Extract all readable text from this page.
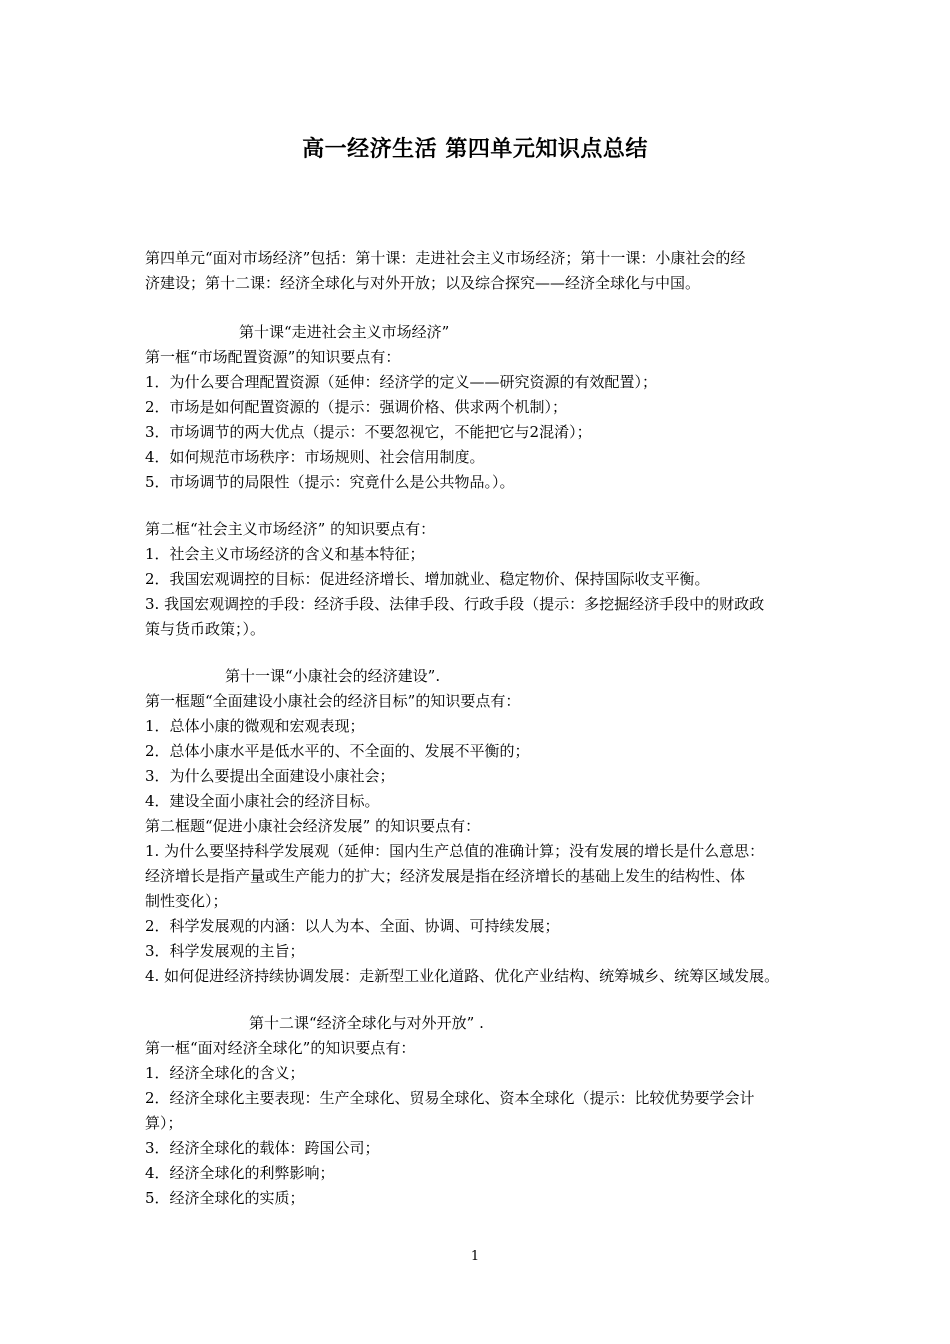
高一经济生活 第四单元知识点总结

第四单元“面对市场经济”包括：第十课：走进社会主义市场经济；第十一课：小康社会的经

济建设；第十二课：经济全球化与对外开放；以及综合探究——经济全球化与中国。

第十课“走进社会主义市场经济”

第一框“市场配置资源”的知识要点有：

1．为什么要合理配置资源（延伸：经济学的定义——研究资源的有效配置）；

2．市场是如何配置资源的（提示：强调价格、供求两个机制）；

3．市场调节的两大优点（提示：不要忽视它，不能把它与2混淆）；

4．如何规范市场秩序：市场规则、社会信用制度。

5．市场调节的局限性（提示：究竟什么是公共物品。）。

第二框“社会主义市场经济” 的知识要点有：

1．社会主义市场经济的含义和基本特征；

2．我国宏观调控的目标：促进经济增长、增加就业、稳定物价、保持国际收支平衡。

3. 我国宏观调控的手段：经济手段、法律手段、行政手段（提示：多挖掘经济手段中的财政政

策与货币政策；）。

第十一课“小康社会的经济建设”.

第一框题“全面建设小康社会的经济目标”的知识要点有：

1．总体小康的微观和宏观表现；

2．总体小康水平是低水平的、不全面的、发展不平衡的；

3．为什么要提出全面建设小康社会；

4．建设全面小康社会的经济目标。

第二框题“促进小康社会经济发展” 的知识要点有：

1. 为什么要坚持科学发展观（延伸：国内生产总值的准确计算；没有发展的增长是什么意思：

经济增长是指产量或生产能力的扩大；经济发展是指在经济增长的基础上发生的结构性、体

制性变化）；

2．科学发展观的内涵：以人为本、全面、协调、可持续发展；

3．科学发展观的主旨；

4. 如何促进经济持续协调发展：走新型工业化道路、优化产业结构、统筹城乡、统筹区域发展。

第十二课“经济全球化与对外开放” .

第一框“面对经济全球化”的知识要点有：

1．经济全球化的含义；

2．经济全球化主要表现：生产全球化、贸易全球化、资本全球化（提示：比较优势要学会计

算）；

3．经济全球化的载体：跨国公司；

4．经济全球化的利弊影响；

5．经济全球化的实质；

1
